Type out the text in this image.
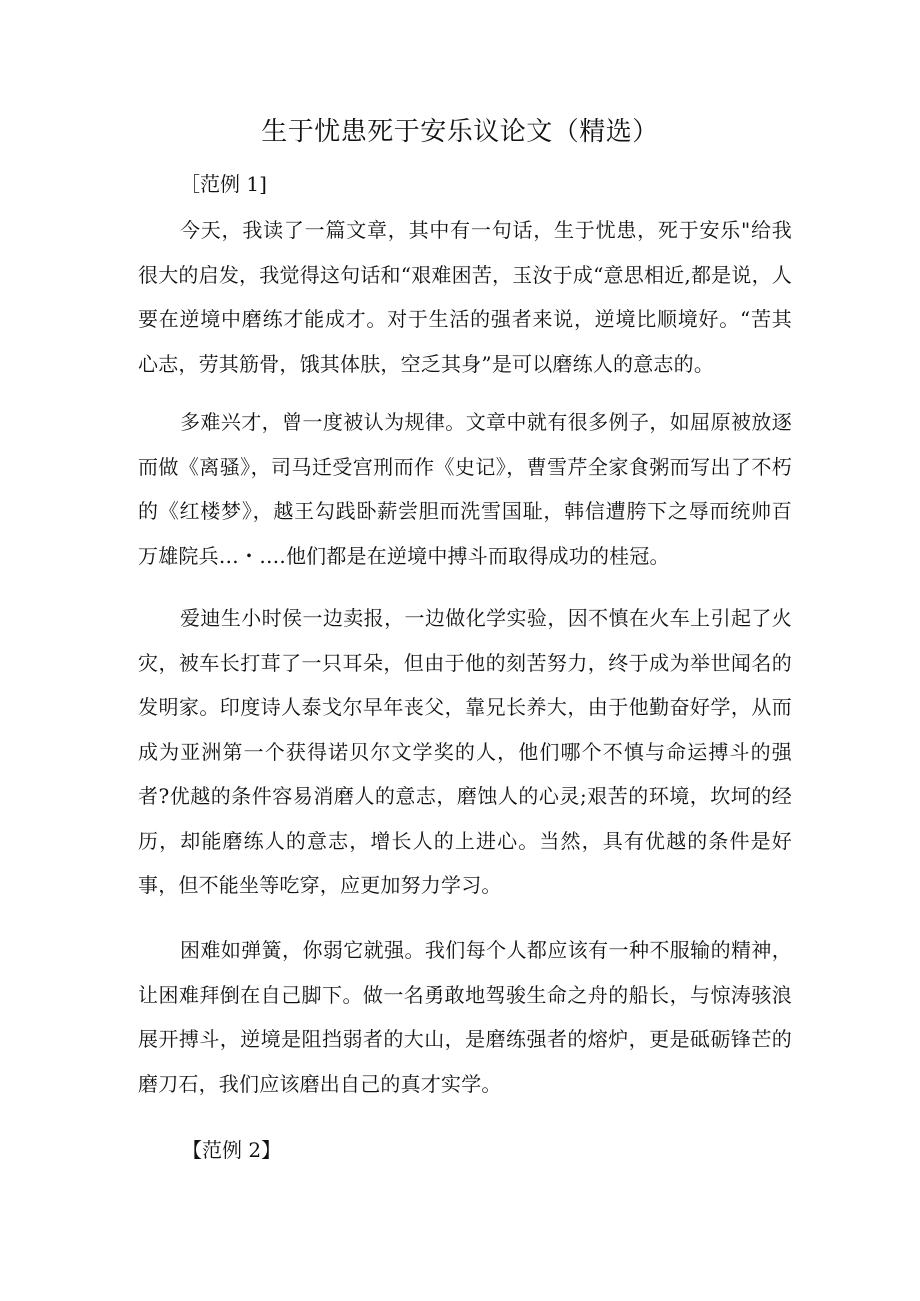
生于忧患死于安乐议论文（精选）
［范例 1]

今天，我读了一篇文章，其中有一句话，生于忧患，死于安乐"给我很大的启发，我觉得这句话和“艰难困苦，玉汝于成“意思相近,都是说，人要在逆境中磨练才能成才。对于生活的强者来说，逆境比顺境好。“苦其心志，劳其筋骨，饿其体肤，空乏其身”是可以磨练人的意志的。

多难兴才，曾一度被认为规律。文章中就有很多例子，如屈原被放逐而做《离骚》，司马迁受宫刑而作《史记》，曹雪芹全家食粥而写出了不朽的《红楼梦》，越王勾践卧薪尝胆而洗雪国耻，韩信遭胯下之辱而统帅百万雄院兵…・….他们都是在逆境中搏斗而取得成功的桂冠。

爱迪生小时侯一边卖报，一边做化学实验，因不慎在火车上引起了火灾，被车长打茸了一只耳朵，但由于他的刻苦努力，终于成为举世闻名的发明家。印度诗人泰戈尔早年丧父，靠兄长养大，由于他勤奋好学，从而成为亚洲第一个获得诺贝尔文学奖的人，他们哪个不慎与命运搏斗的强者?优越的条件容易消磨人的意志，磨蚀人的心灵;艰苦的环境，坎坷的经历，却能磨练人的意志，增长人的上进心。当然，具有优越的条件是好事，但不能坐等吃穿，应更加努力学习。

困难如弹簧，你弱它就强。我们每个人都应该有一种不服输的精神，让困难拜倒在自己脚下。做一名勇敢地驾骏生命之舟的船长，与惊涛骇浪展开搏斗，逆境是阻挡弱者的大山，是磨练强者的熔炉，更是砥砺锋芒的磨刀石，我们应该磨出自己的真才实学。

【范例 2】
